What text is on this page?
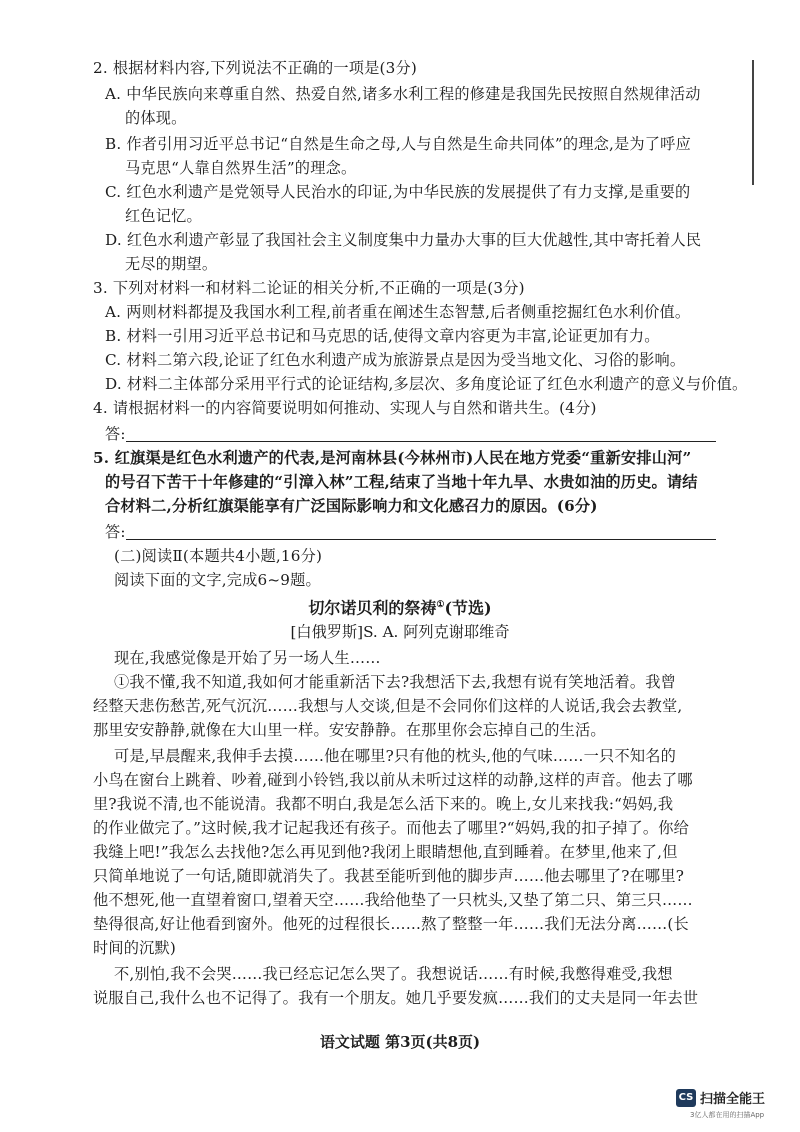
2. 根据材料内容,下列说法不正确的一项是(3分)
A. 中华民族向来尊重自然、热爱自然,诸多水利工程的修建是我国先民按照自然规律活动
的体现。
B. 作者引用习近平总书记“自然是生命之母,人与自然是生命共同体”的理念,是为了呼应
马克思“人靠自然界生活”的理念。
C. 红色水利遗产是党领导人民治水的印证,为中华民族的发展提供了有力支撑,是重要的
红色记忆。
D. 红色水利遗产彰显了我国社会主义制度集中力量办大事的巨大优越性,其中寄托着人民
无尽的期望。
3. 下列对材料一和材料二论证的相关分析,不正确的一项是(3分)
A. 两则材料都提及我国水利工程,前者重在阐述生态智慧,后者侧重挖掘红色水利价值。
B. 材料一引用习近平总书记和马克思的话,使得文章内容更为丰富,论证更加有力。
C. 材料二第六段,论证了红色水利遗产成为旅游景点是因为受当地文化、习俗的影响。
D. 材料二主体部分采用平行式的论证结构,多层次、多角度论证了红色水利遗产的意义与价值。
4. 请根据材料一的内容简要说明如何推动、实现人与自然和谐共生。(4分)
答:
5. 红旗渠是红色水利遗产的代表,是河南林县(今林州市)人民在地方党委“重新安排山河”
的号召下苦干十年修建的“引漳入林”工程,结束了当地十年九旱、水贵如油的历史。请结
合材料二,分析红旗渠能享有广泛国际影响力和文化感召力的原因。(6分)
答:
(二)阅读Ⅱ(本题共4小题,16分)
阅读下面的文字,完成6~9题。
切尔诺贝利的祭祷①(节选)
[白俄罗斯]S. A. 阿列克谢耶维奇
现在,我感觉像是开始了另一场人生……
①我不懂,我不知道,我如何才能重新活下去?我想活下去,我想有说有笑地活着。我曾
经整天悲伤愁苦,死气沉沉……我想与人交谈,但是不会同你们这样的人说话,我会去教堂,
那里安安静静,就像在大山里一样。安安静静。在那里你会忘掉自己的生活。
可是,早晨醒来,我伸手去摸……他在哪里?只有他的枕头,他的气味……一只不知名的
小鸟在窗台上跳着、吵着,碰到小铃铛,我以前从未听过这样的动静,这样的声音。他去了哪
里?我说不清,也不能说清。我都不明白,我是怎么活下来的。晚上,女儿来找我:“妈妈,我
的作业做完了。”这时候,我才记起我还有孩子。而他去了哪里?“妈妈,我的扣子掉了。你给
我缝上吧!”我怎么去找他?怎么再见到他?我闭上眼睛想他,直到睡着。在梦里,他来了,但
只简单地说了一句话,随即就消失了。我甚至能听到他的脚步声……他去哪里了?在哪里?
他不想死,他一直望着窗口,望着天空……我给他垫了一只枕头,又垫了第二只、第三只……
垫得很高,好让他看到窗外。他死的过程很长……熬了整整一年……我们无法分离……(长
时间的沉默)
不,别怕,我不会哭……我已经忘记怎么哭了。我想说话……有时候,我憋得难受,我想
说服自己,我什么也不记得了。我有一个朋友。她几乎要发疯……我们的丈夫是同一年去世
语文试题 第3页(共8页)
CS 扫描全能王
3亿人都在用的扫描App
